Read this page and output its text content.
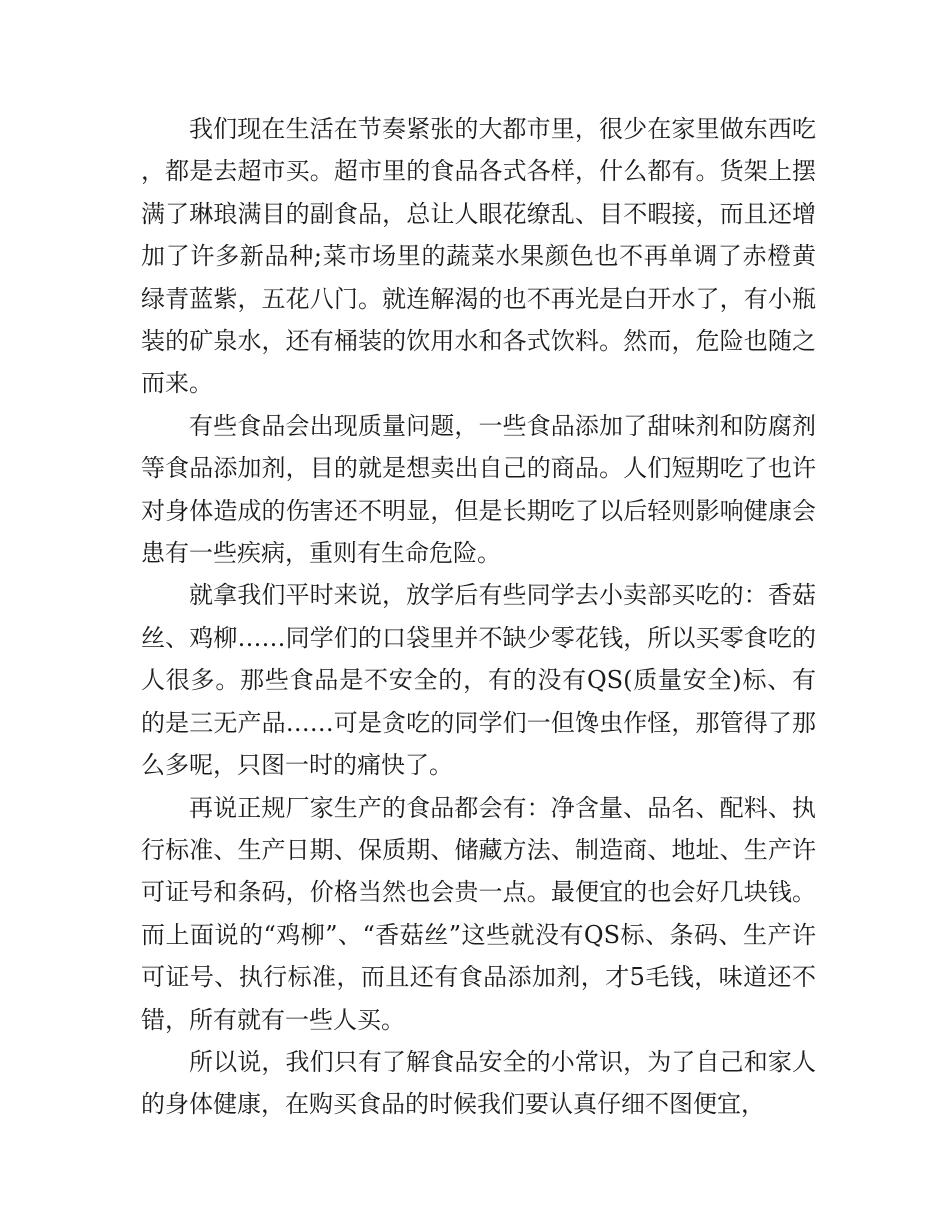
我们现在生活在节奏紧张的大都市里，很少在家里做东西吃，都是去超市买。超市里的食品各式各样，什么都有。货架上摆满了琳琅满目的副食品，总让人眼花缭乱、目不暇接，而且还增加了许多新品种;菜市场里的蔬菜水果颜色也不再单调了赤橙黄绿青蓝紫，五花八门。就连解渴的也不再光是白开水了，有小瓶装的矿泉水，还有桶装的饮用水和各式饮料。然而，危险也随之而来。

有些食品会出现质量问题，一些食品添加了甜味剂和防腐剂等食品添加剂，目的就是想卖出自己的商品。人们短期吃了也许对身体造成的伤害还不明显，但是长期吃了以后轻则影响健康会患有一些疾病，重则有生命危险。

就拿我们平时来说，放学后有些同学去小卖部买吃的：香菇丝、鸡柳……同学们的口袋里并不缺少零花钱，所以买零食吃的人很多。那些食品是不安全的，有的没有QS(质量安全)标、有的是三无产品……可是贪吃的同学们一但馋虫作怪，那管得了那么多呢，只图一时的痛快了。

再说正规厂家生产的食品都会有：净含量、品名、配料、执行标准、生产日期、保质期、储藏方法、制造商、地址、生产许可证号和条码，价格当然也会贵一点。最便宜的也会好几块钱。而上面说的“鸡柳”、“香菇丝”这些就没有QS标、条码、生产许可证号、执行标准，而且还有食品添加剂，才5毛钱，味道还不错，所有就有一些人买。

所以说，我们只有了解食品安全的小常识，为了自己和家人的身体健康，在购买食品的时候我们要认真仔细不图便宜，
